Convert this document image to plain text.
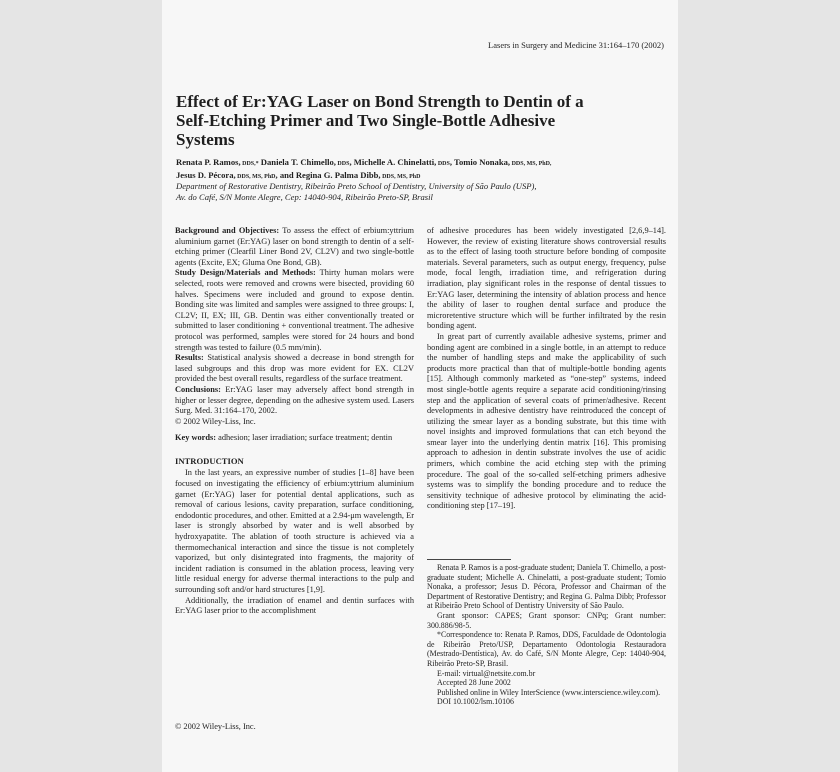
Lasers in Surgery and Medicine 31:164–170 (2002)
Effect of Er:YAG Laser on Bond Strength to Dentin of a Self-Etching Primer and Two Single-Bottle Adhesive Systems
Renata P. Ramos, DDS,* Daniela T. Chimello, DDS, Michelle A. Chinelatti, DDS, Tomio Nonaka, DDS, MS, PhD,
Jesus D. Pécora, DDS, MS, PhD, and Regina G. Palma Dibb, DDS, MS, PhD
Department of Restorative Dentistry, Ribeirão Preto School of Dentistry, University of São Paulo (USP),
Av. do Café, S/N Monte Alegre, Cep: 14040-904, Ribeirão Preto-SP, Brasil

Background and Objectives: To assess the effect of erbium:yttrium aluminium garnet (Er:YAG) laser on bond strength to dentin of a self-etching primer (Clearfil Liner Bond 2V, CL2V) and two single-bottle agents (Excite, EX; Gluma One Bond, GB).

Study Design/Materials and Methods: Thirty human molars were selected, roots were removed and crowns were bisected, providing 60 halves. Specimens were included and ground to expose dentin. Bonding site was limited and samples were assigned to three groups: I, CL2V; II, EX; III, GB. Dentin was either conventionally treated or submitted to laser conditioning + conventional treatment. The adhesive protocol was performed, samples were stored for 24 hours and bond strength was tested to failure (0.5 mm/min).

Results: Statistical analysis showed a decrease in bond strength for lased subgroups and this drop was more evident for EX. CL2V provided the best overall results, regardless of the surface treatment.

Conclusions: Er:YAG laser may adversely affect bond strength in higher or lesser degree, depending on the adhesive system used. Lasers Surg. Med. 31:164–170, 2002.

© 2002 Wiley-Liss, Inc.

Key words: adhesion; laser irradiation; surface treatment; dentin

INTRODUCTION

In the last years, an expressive number of studies [1–8] have been focused on investigating the efficiency of erbium:yttrium aluminium garnet (Er:YAG) laser for potential dental applications, such as removal of carious lesions, cavity preparation, surface conditioning, endodontic procedures, and other. Emitted at a 2.94-μm wavelength, Er laser is strongly absorbed by water and is well absorbed by hydroxyapatite. The ablation of tooth structure is achieved via a thermomechanical interaction and since the tissue is not completely vaporized, but only disintegrated into fragments, the majority of incident radiation is consumed in the ablation process, leaving very little residual energy for adverse thermal interactions to the pulp and surrounding soft and/or hard structures [1,9].

Additionally, the irradiation of enamel and dentin surfaces with Er:YAG laser prior to the accomplishment

of adhesive procedures has been widely investigated [2,6,9–14]. However, the review of existing literature shows controversial results as to the effect of lasing tooth structure before bonding of composite materials. Several parameters, such as output energy, frequency, pulse mode, focal length, irradiation time, and refrigeration during irradiation, play significant roles in the response of dental tissues to Er:YAG laser, determining the intensity of ablation process and hence the ability of laser to roughen dental surface and produce the microretentive structure which will be further infiltrated by the resin bonding agent.

In great part of currently available adhesive systems, primer and bonding agent are combined in a single bottle, in an attempt to reduce the number of handling steps and make the applicability of such products more practical than that of multiple-bottle bonding agents [15]. Although commonly marketed as “one-step” systems, indeed most single-bottle agents require a separate acid conditioning/rinsing step and the application of several coats of primer/adhesive. Recent developments in adhesive dentistry have reintroduced the concept of utilizing the smear layer as a bonding substrate, but this time with novel insights and improved formulations that can etch beyond the smear layer into the underlying dentin matrix [16]. This promising approach to adhesion in dentin substrate involves the use of acidic primers, which combine the acid etching step with the priming procedure. The goal of the so-called self-etching primers adhesive systems was to simplify the bonding procedure and to reduce the sensitivity technique of adhesive protocol by eliminating the acid-conditioning step [17–19].

Renata P. Ramos is a post-graduate student; Daniela T. Chimello, a post-graduate student; Michelle A. Chinelatti, a post-graduate student; Tomio Nonaka, a professor; Jesus D. Pécora, Professor and Chairman of the Department of Restorative Dentistry; and Regina G. Palma Dibb; Professor at Ribeirão Preto School of Dentistry University of São Paulo.

Grant sponsor: CAPES; Grant sponsor: CNPq; Grant number: 300.886/98-5.

*Correspondence to: Renata P. Ramos, DDS, Faculdade de Odontologia de Ribeirão Preto/USP, Departamento Odontologia Restauradora (Mestrado-Dentística), Av. do Café, S/N Monte Alegre, Cep: 14040-904, Ribeirão Preto-SP, Brasil.

E-mail: virtual@netsite.com.br

Accepted 28 June 2002

Published online in Wiley InterScience (www.interscience.wiley.com).

DOI 10.1002/lsm.10106

© 2002 Wiley-Liss, Inc.
